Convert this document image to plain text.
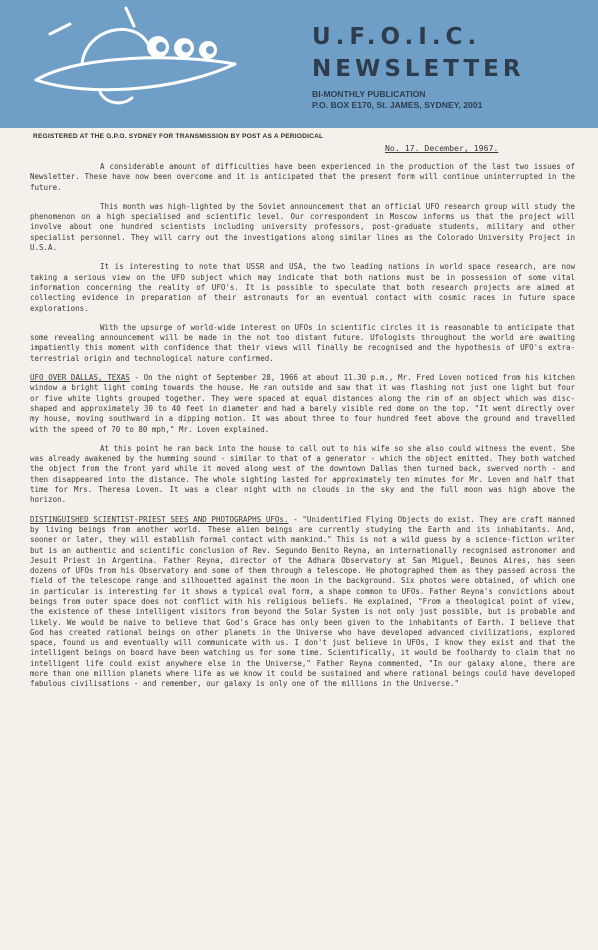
U.F.O.I.C.
NEWSLETTER
BI-MONTHLY PUBLICATION
P.O. BOX E170, St. JAMES, SYDNEY, 2001
REGISTERED AT THE G.P.O. SYDNEY FOR TRANSMISSION BY POST AS A PERIODICAL
No. 17. December, 1967.

A considerable amount of difficulties have been experienced in the production of the last two issues of Newsletter. These have now been overcome and it is anticipated that the present form will continue uninterrupted in the future.

This month was high-lighted by the Soviet announcement that an official UFO research group will study the phenomenon on a high specialised and scientific level. Our correspondent in Moscow informs us that the project will involve about one hundred scientists including university professors, post-graduate students, military and other specialist personnel. They will carry out the investigations along similar lines as the Colorado University Project in U.S.A.

It is interesting to note that USSR and USA, the two leading nations in world space research, are now taking a serious view on the UFO subject which may indicate that both nations must be in possession of some vital information concerning the reality of UFO's. It is possible to speculate that both research projects are aimed at collecting evidence in preparation of their astronauts for an eventual contact with cosmic races in future space explorations.

With the upsurge of world-wide interest on UFOs in scientific circles it is reasonable to anticipate that some revealing announcement will be made in the not too distant future. Ufologists throughout the world are awaiting impatiently this moment with confidence that their views will finally be recognised and the hypothesis of UFO's extra-terrestrial origin and technological nature confirmed.

UFO OVER DALLAS, TEXAS - On the night of September 28, 1966 at about 11.30 p.m., Mr. Fred Loven noticed from his kitchen window a bright light coming towards the house. He ran outside and saw that it was flashing not just one light but four or five white lights grouped together. They were spaced at equal distances along the rim of an object which was disc-shaped and approximately 30 to 40 feet in diameter and had a barely visible red dome on the top. "It went directly over my house, moving southward in a dipping motion. It was about three to four hundred feet above the ground and travelled with the speed of 70 to 80 mph," Mr. Loven explained.

At this point he ran back into the house to call out to his wife so she also could witness the event. She was already awakened by the humming sound - similar to that of a generator - which the object emitted. They both watched the object from the front yard while it moved along west of the downtown Dallas then turned back, swerved north - and then disappeared into the distance. The whole sighting lasted for approximately ten minutes for Mr. Loven and half that time for Mrs. Theresa Loven. It was a clear night with no clouds in the sky and the full moon was high above the horizon.

DISTINGUISHED SCIENTIST-PRIEST SEES AND PHOTOGRAPHS UFOs. - "Unidentified Flying Objects do exist. They are craft manned by living beings from another world. These alien beings are currently studying the Earth and its inhabitants. And, sooner or later, they will establish formal contact with mankind." This is not a wild guess by a science-fiction writer but is an authentic and scientific conclusion of Rev. Segundo Benito Reyna, an internationally recognised astronomer and Jesuit Priest in Argentina. Father Reyna, director of the Adhara Observatory at San Miguel, Beunos Aires, has seen dozens of UFOs from his Observatory and some of them through a telescope. He photographed them as they passed across the field of the telescope range and silhouetted against the moon in the background. Six photos were obtained, of which one in particular is interesting for it shows a typical oval form, a shape common to UFOs. Father Reyna's convictions about beings from outer space does not conflict with his religious beliefs. He explained, "From a theological point of view, the existence of these intelligent visitors from beyond the Solar System is not only just possible, but is probable and likely. We would be naive to believe that God's Grace has only been given to the inhabitants of Earth. I believe that God has created rational beings on other planets in the Universe who have developed advanced civilizations, explored space, found us and eventually will communicate with us. I don't just believe in UFOs, I know they exist and that the intelligent beings on board have been watching us for some time. Scientifically, it would be foolhardy to claim that no intelligent life could exist anywhere else in the Universe," Father Reyna commented, "In our galaxy alone, there are more than one million planets where life as we know it could be sustained and where rational beings could have developed fabulous civilisations - and remember, our galaxy is only one of the millions in the Universe."
